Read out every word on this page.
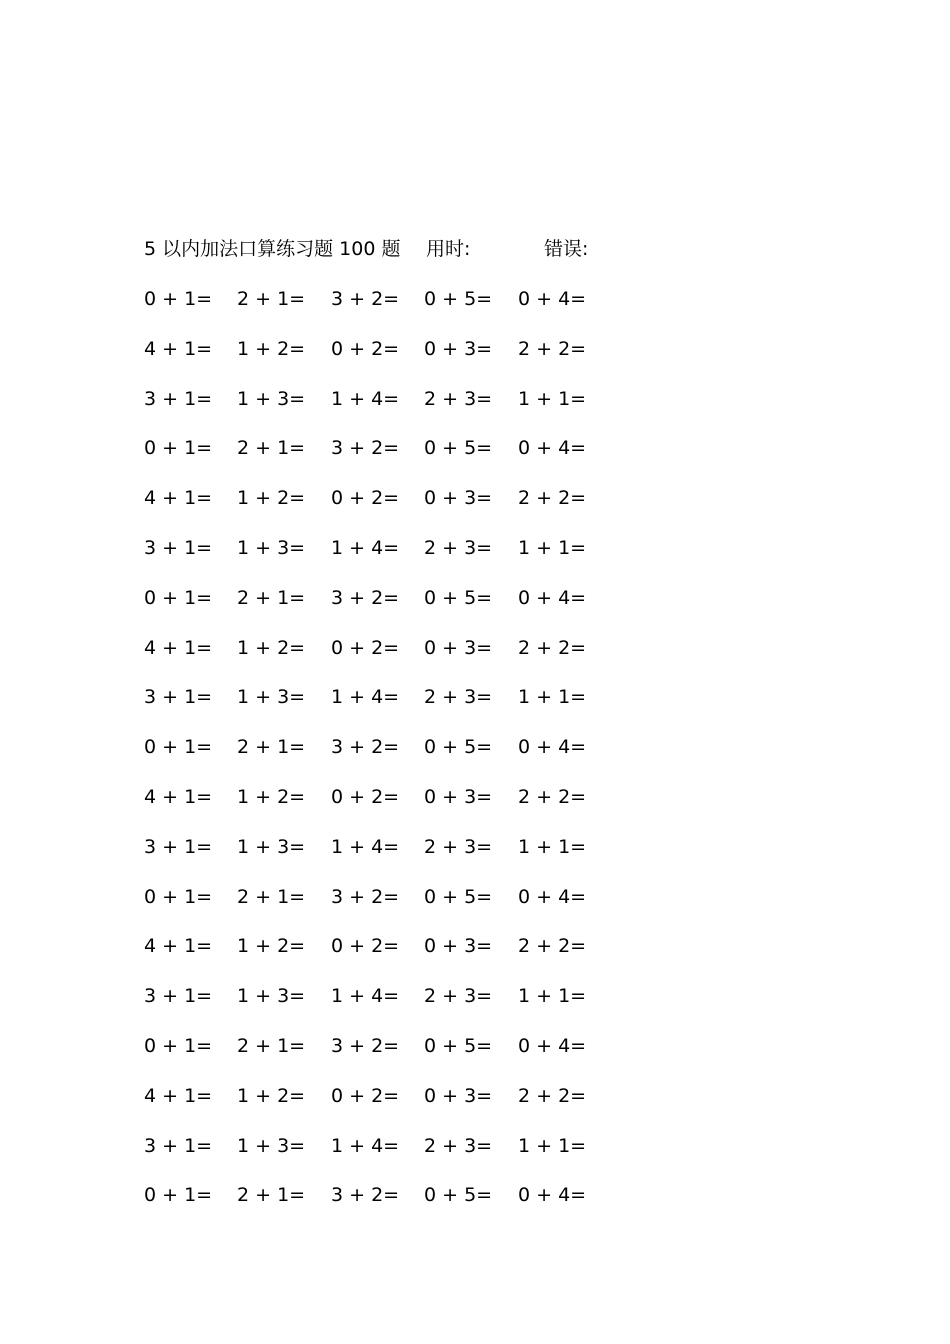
5 以内加法口算练习题 100 题 用时:	错误:
0 + 1= 2 + 1= 3 + 2= 0 + 5= 0 + 4=
4 + 1= 1 + 2= 0 + 2= 0 + 3= 2 + 2=
3 + 1= 1 + 3= 1 + 4= 2 + 3= 1 + 1=
0 + 1= 2 + 1= 3 + 2= 0 + 5= 0 + 4=
4 + 1= 1 + 2= 0 + 2= 0 + 3= 2 + 2=
3 + 1= 1 + 3= 1 + 4= 2 + 3= 1 + 1=
0 + 1= 2 + 1= 3 + 2= 0 + 5= 0 + 4=
4 + 1= 1 + 2= 0 + 2= 0 + 3= 2 + 2=
3 + 1= 1 + 3= 1 + 4= 2 + 3= 1 + 1=
0 + 1= 2 + 1= 3 + 2= 0 + 5= 0 + 4=
4 + 1= 1 + 2= 0 + 2= 0 + 3= 2 + 2=
3 + 1= 1 + 3= 1 + 4= 2 + 3= 1 + 1=
0 + 1= 2 + 1= 3 + 2= 0 + 5= 0 + 4=
4 + 1= 1 + 2= 0 + 2= 0 + 3= 2 + 2=
3 + 1= 1 + 3= 1 + 4= 2 + 3= 1 + 1=
0 + 1= 2 + 1= 3 + 2= 0 + 5= 0 + 4=
4 + 1= 1 + 2= 0 + 2= 0 + 3= 2 + 2=
3 + 1= 1 + 3= 1 + 4= 2 + 3= 1 + 1=
0 + 1= 2 + 1= 3 + 2= 0 + 5= 0 + 4=
